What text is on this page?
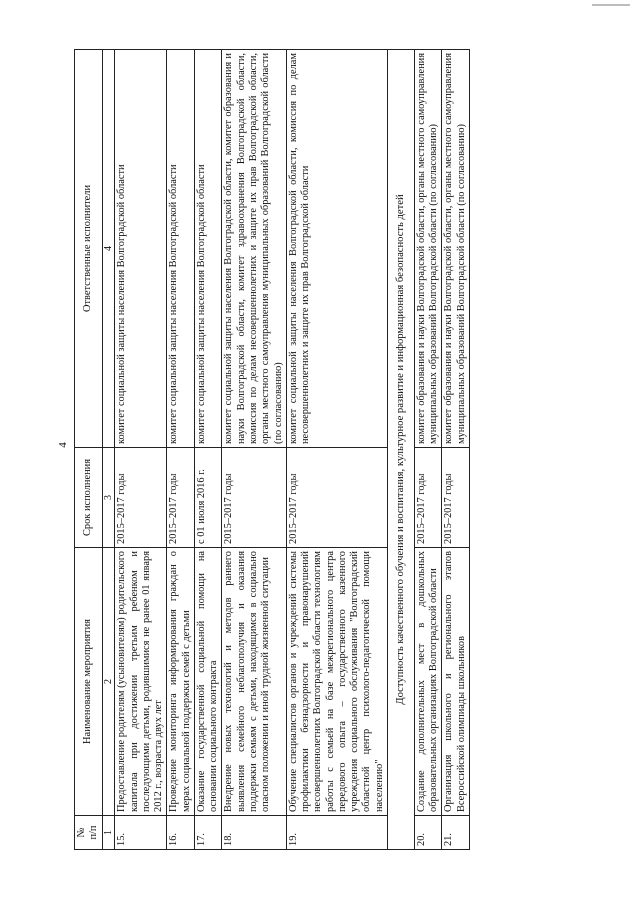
4
№
п/п	Наименование мероприятия	Срок исполнения	Ответственные исполнители
1	2	3	4
15.	Предоставление родителям (усыновителям) родительского капитала при достижении третьим ребенком и последующими детьми, родившимися не ранее 01 января 2012 г., возраста двух лет	2015–2017 годы	комитет социальной защиты населения Волгоградской области
16.	Проведение мониторинга информирования граждан о мерах социальной поддержки семей с детьми	2015–2017 годы	комитет социальной защиты населения Волгоградской области
17.	Оказание государственной социальной помощи на основании социального контракта	с 01 июля 2016 г.	комитет социальной защиты населения Волгоградской области
18.	Внедрение новых технологий и методов раннего выявления семейного неблагополучия и оказания поддержки семьям с детьми, находящимся в социально опасном положении и иной трудной жизненной ситуации	2015–2017 годы	комитет социальной защиты населения Волгоградской области, комитет образования и науки Волгоградской области, комитет здравоохранения Волгоградской области, комиссия по делам несовершеннолетних и защите их прав Волгоградской области, органы местного самоуправления муниципальных образований Волгоградской области (по согласованию)
19.	Обучение специалистов органов и учреждений системы профилактики безнадзорности и правонарушений несовершеннолетних Волгоградской области технологиям работы с семьей на базе межрегионального центра передового опыта – государственного казенного учреждения социального обслуживания "Волгоградский областной центр психолого-педагогической помощи населению"	2015–2017 годы	комитет социальной защиты населения Волгоградской области, комиссия по делам несовершеннолетних и защите их прав Волгоградской области
Доступность качественного обучения и воспитания, культурное развитие и информационная безопасность детей			
20.	Создание дополнительных мест в дошкольных образовательных организациях Волгоградской области	2015–2017 годы	комитет образования и науки Волгоградской области, органы местного самоуправления муниципальных образований Волгоградской области (по согласованию)
21.	Организация школьного и регионального этапов Всероссийской олимпиады школьников	2015–2017 годы	комитет образования и науки Волгоградской области, органы местного самоуправления муниципальных образований Волгоградской области (по согласованию)
